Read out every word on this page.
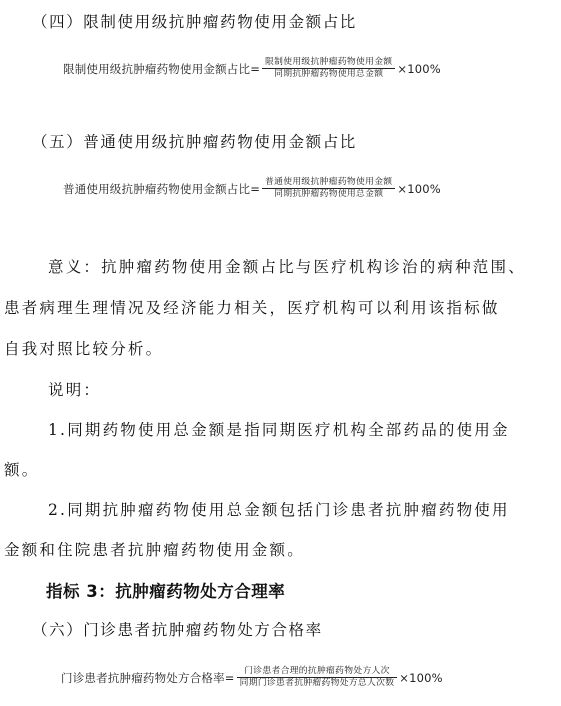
（四）限制使用级抗肿瘤药物使用金额占比
限制使用级抗肿瘤药物使用金额占比= $\frac{\text{限制使用级抗肿瘤药物使用金额}}{\text{同期抗肿瘤药物使用总金额}} \times 100\%$
（五）普通使用级抗肿瘤药物使用金额占比
普通使用级抗肿瘤药物使用金额占比= $\frac{\text{普通使用级抗肿瘤药物使用金额}}{\text{同期抗肿瘤药物使用总金额}} \times 100\%$
意义：抗肿瘤药物使用金额占比与医疗机构诊治的病种范围、
患者病理生理情况及经济能力相关，医疗机构可以利用该指标做
自我对照比较分析。
说明：
1.同期药物使用总金额是指同期医疗机构全部药品的使用金
额。
2.同期抗肿瘤药物使用总金额包括门诊患者抗肿瘤药物使用
金额和住院患者抗肿瘤药物使用金额。
指标 3：抗肿瘤药物处方合理率
（六）门诊患者抗肿瘤药物处方合格率
门诊患者抗肿瘤药物处方合格率= $\frac{\text{门诊患者合理的抗肿瘤药物处方人次}}{\text{同期门诊患者抗肿瘤药物处方总人次数}} \times 100\%$
